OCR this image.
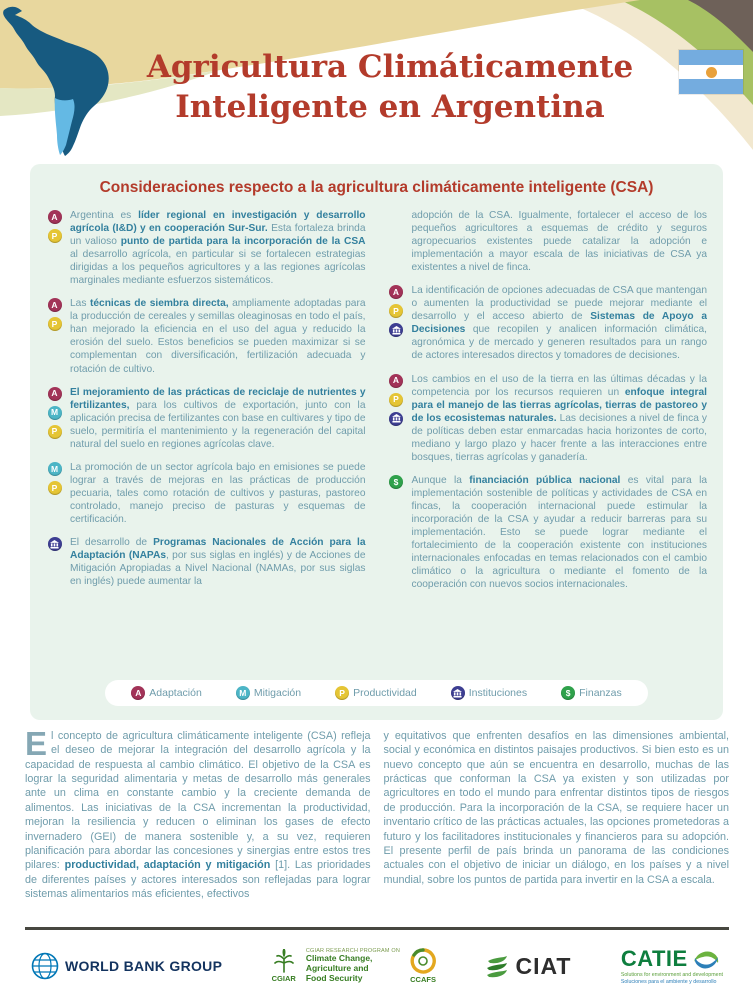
Agricultura Climáticamente
Inteligente en Argentina
Consideraciones respecto a la agricultura climáticamente inteligente (CSA)
A
P
Argentina es líder regional en investigación y desarrollo agrícola (I&D) y en cooperación Sur-Sur. Esta fortaleza brinda un valioso punto de partida para la incorporación de la CSA al desarrollo agrícola, en particular si se fortalecen estrategias dirigidas a los pequeños agricultores y a las regiones agrícolas marginales mediante esfuerzos sistemáticos.
A
P
Las técnicas de siembra directa, ampliamente adoptadas para la producción de cereales y semillas oleaginosas en todo el país, han mejorado la eficiencia en el uso del agua y reducido la erosión del suelo. Estos beneficios se pueden maximizar si se complementan con diversificación, fertilización adecuada y rotación de cultivo.
A
M
P
El mejoramiento de las prácticas de reciclaje de nutrientes y fertilizantes, para los cultivos de exportación, junto con la aplicación precisa de fertilizantes con base en cultivares y tipo de suelo, permitiría el mantenimiento y la regeneración del capital natural del suelo en regiones agrícolas clave.
M
P
La promoción de un sector agrícola bajo en emisiones se puede lograr a través de mejoras en las prácticas de producción pecuaria, tales como rotación de cultivos y pasturas, pastoreo controlado, manejo preciso de pasturas y esquemas de certificación.
El desarrollo de Programas Nacionales de Acción para la Adaptación (NAPAs, por sus siglas en inglés) y de Acciones de Mitigación Apropiadas a Nivel Nacional (NAMAs, por sus siglas en inglés) puede aumentar la
adopción de la CSA. Igualmente, fortalecer el acceso de los pequeños agricultores a esquemas de crédito y seguros agropecuarios existentes puede catalizar la adopción e implementación a mayor escala de las iniciativas de CSA ya existentes a nivel de finca.
A
P
La identificación de opciones adecuadas de CSA que mantengan o aumenten la productividad se puede mejorar mediante el desarrollo y el acceso abierto de Sistemas de Apoyo a Decisiones que recopilen y analicen información climática, agronómica y de mercado y generen resultados para un rango de actores interesados directos y tomadores de decisiones.
A
P
Los cambios en el uso de la tierra en las últimas décadas y la competencia por los recursos requieren un enfoque integral para el manejo de las tierras agrícolas, tierras de pastoreo y de los ecosistemas naturales. Las decisiones a nivel de finca y de políticas deben estar enmarcadas hacia horizontes de corto, mediano y largo plazo y hacer frente a las interacciones entre bosques, tierras agrícolas y ganadería.
$	Aunque la financiación pública nacional es vital para la implementación sostenible de políticas y actividades de CSA en fincas, la cooperación internacional puede estimular la incorporación de la CSA y ayudar a reducir barreras para su implementación. Esto se puede lograr mediante el fortalecimiento de la cooperación existente con instituciones internacionales enfocadas en temas relacionados con el cambio climático o la agricultura o mediante el fomento de la cooperación con nuevos socios internacionales.
A Adaptación	M Mitigación	P Productividad	Instituciones	$ Finanzas
El concepto de agricultura climáticamente inteligente (CSA) refleja el deseo de mejorar la integración del desarrollo agrícola y la capacidad de respuesta al cambio climático. El objetivo de la CSA es lograr la seguridad alimentaria y metas de desarrollo más generales ante un clima en constante cambio y la creciente demanda de alimentos. Las iniciativas de la CSA incrementan la productividad, mejoran la resiliencia y reducen o eliminan los gases de efecto invernadero (GEI) de manera sostenible y, a su vez, requieren planificación para abordar las concesiones y sinergias entre estos tres pilares: productividad, adaptación y mitigación [1]. Las prioridades de diferentes países y actores interesados son reflejadas para lograr sistemas alimentarios más eficientes, efectivos
y equitativos que enfrenten desafíos en las dimensiones ambiental, social y económica en distintos paisajes productivos. Si bien esto es un nuevo concepto que aún se encuentra en desarrollo, muchas de las prácticas que conforman la CSA ya existen y son utilizadas por agricultores en todo el mundo para enfrentar distintos tipos de riesgos de producción. Para la incorporación de la CSA, se requiere hacer un inventario crítico de las prácticas actuales, las opciones prometedoras a futuro y los facilitadores institucionales y financieros para su adopción. El presente perfil de país brinda un panorama de las condiciones actuales con el objetivo de iniciar un diálogo, en los países y a nivel mundial, sobre los puntos de partida para invertir en la CSA a escala.
WORLD BANK GROUP
CGIAR
CGIAR RESEARCH PROGRAM ON
Climate Change,
Agriculture and
Food Security	CCAFS
CIAT CATIE
Solutions for environment and development
Soluciones para el ambiente y desarrollo
